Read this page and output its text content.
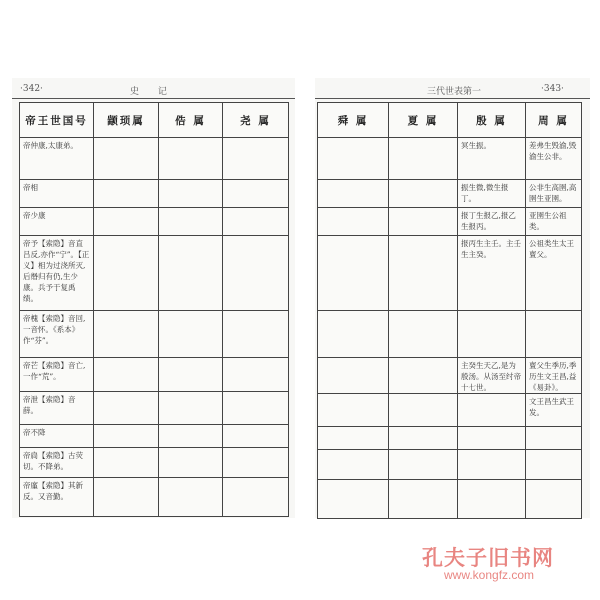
·342·	史 记
帝王世国号	颛顼属	俈 属	尧 属
帝仲康,太康弟。			
帝相			
帝少康			
帝予【索隐】音直吕反,亦作“宁”。【正义】相为过浇所灭,后缗归有仍,生少康。兵予于复禹绩。			
帝槐【索隐】音回,一音怀。《系本》作“芬”。			
帝芒【索隐】音亡,一作“荒”。			
帝泄【索隐】音薛。			
帝不降			
帝扃【索隐】古荧切。不降弟。			
帝廑【索隐】其新反。又音勤。			
三代世表第一	·343·
舜 属	夏 属	殷 属	周 属
		冥生振。	差弗生毁渝,毁渝生公非。
		振生微,微生报丁。	公非生高圉,高圉生亚圉。
		报丁生报乙,报乙生报丙。	亚圉生公祖类。
		报丙生主壬。主壬生主癸。	公祖类生太王亶父。

		主癸生天乙,是为殷汤。从汤至纣帝十七世。	亶父生季历,季历生文王昌,益《易卦》。
			文王昌生武王发。

孔夫子旧书网
www.kongfz.com
